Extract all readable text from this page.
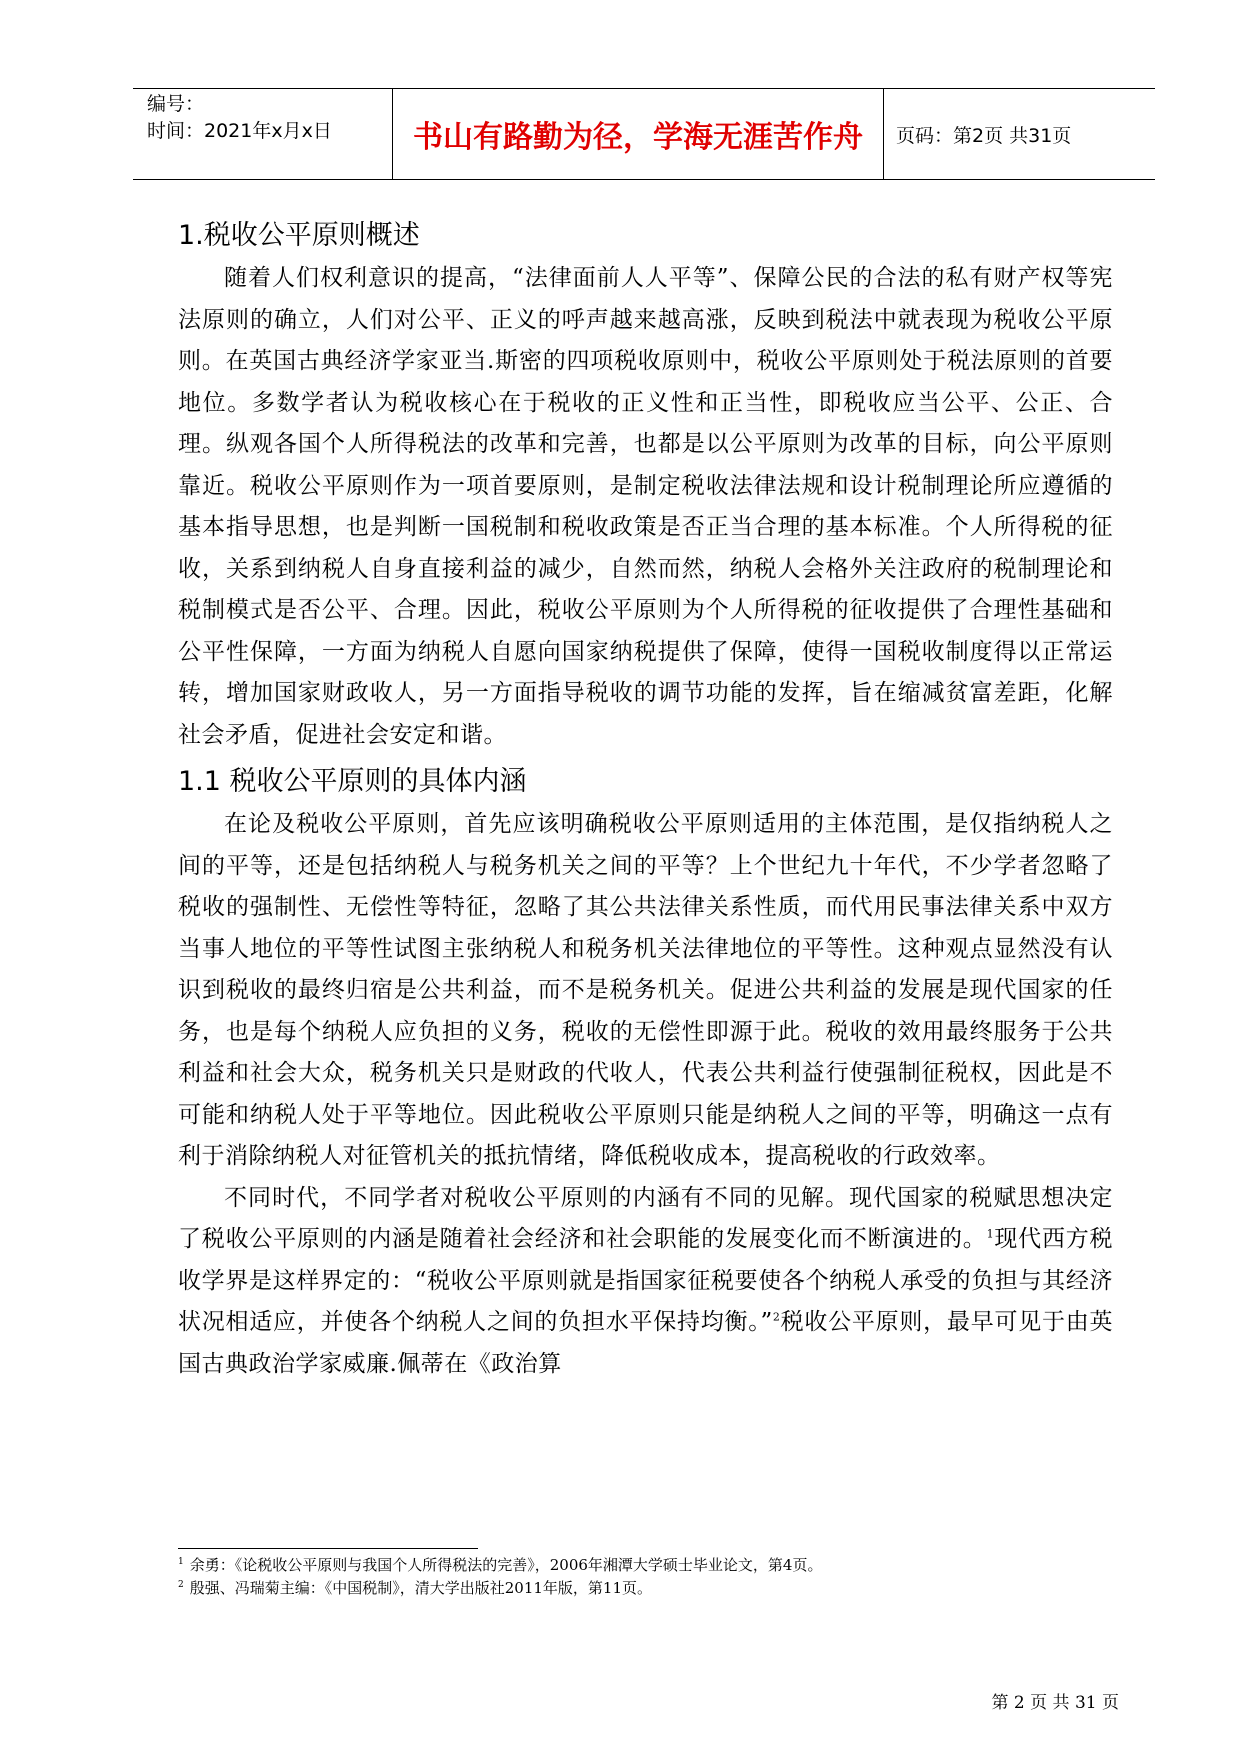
编号：
时间：2021年x月x日	书山有路勤为径，学海无涯苦作舟	页码：第2页 共31页
1.税收公平原则概述

随着人们权利意识的提高，“法律面前人人平等”、保障公民的合法的私有财产权等宪法原则的确立，人们对公平、正义的呼声越来越高涨，反映到税法中就表现为税收公平原则。在英国古典经济学家亚当.斯密的四项税收原则中，税收公平原则处于税法原则的首要地位。多数学者认为税收核心在于税收的正义性和正当性，即税收应当公平、公正、合理。纵观各国个人所得税法的改革和完善，也都是以公平原则为改革的目标，向公平原则靠近。税收公平原则作为一项首要原则，是制定税收法律法规和设计税制理论所应遵循的基本指导思想，也是判断一国税制和税收政策是否正当合理的基本标准。个人所得税的征收，关系到纳税人自身直接利益的减少，自然而然，纳税人会格外关注政府的税制理论和税制模式是否公平、合理。因此，税收公平原则为个人所得税的征收提供了合理性基础和公平性保障，一方面为纳税人自愿向国家纳税提供了保障，使得一国税收制度得以正常运转，增加国家财政收人，另一方面指导税收的调节功能的发挥，旨在缩减贫富差距，化解社会矛盾，促进社会安定和谐。

1.1 税收公平原则的具体内涵

在论及税收公平原则，首先应该明确税收公平原则适用的主体范围，是仅指纳税人之间的平等，还是包括纳税人与税务机关之间的平等？上个世纪九十年代，不少学者忽略了税收的强制性、无偿性等特征，忽略了其公共法律关系性质，而代用民事法律关系中双方当事人地位的平等性试图主张纳税人和税务机关法律地位的平等性。这种观点显然没有认识到税收的最终归宿是公共利益，而不是税务机关。促进公共利益的发展是现代国家的任务，也是每个纳税人应负担的义务，税收的无偿性即源于此。税收的效用最终服务于公共利益和社会大众，税务机关只是财政的代收人，代表公共利益行使强制征税权，因此是不可能和纳税人处于平等地位。因此税收公平原则只能是纳税人之间的平等，明确这一点有利于消除纳税人对征管机关的抵抗情绪，降低税收成本，提高税收的行政效率。

不同时代，不同学者对税收公平原则的内涵有不同的见解。现代国家的税赋思想决定了税收公平原则的内涵是随着社会经济和社会职能的发展变化而不断演进的。$^1$现代西方税收学界是这样界定的：“税收公平原则就是指国家征税要使各个纳税人承受的负担与其经济状况相适应，并使各个纳税人之间的负担水平保持均衡。”$^2$税收公平原则，最早可见于由英国古典政治学家威廉.佩蒂在《政治算

$^1$ 余勇：《论税收公平原则与我国个人所得税法的完善》，2006年湘潭大学硕士毕业论文，第4页。
$^2$ 殷强、冯瑞菊主编：《中国税制》，清大学出版社2011年版，第11页。
第 2 页 共 31 页
